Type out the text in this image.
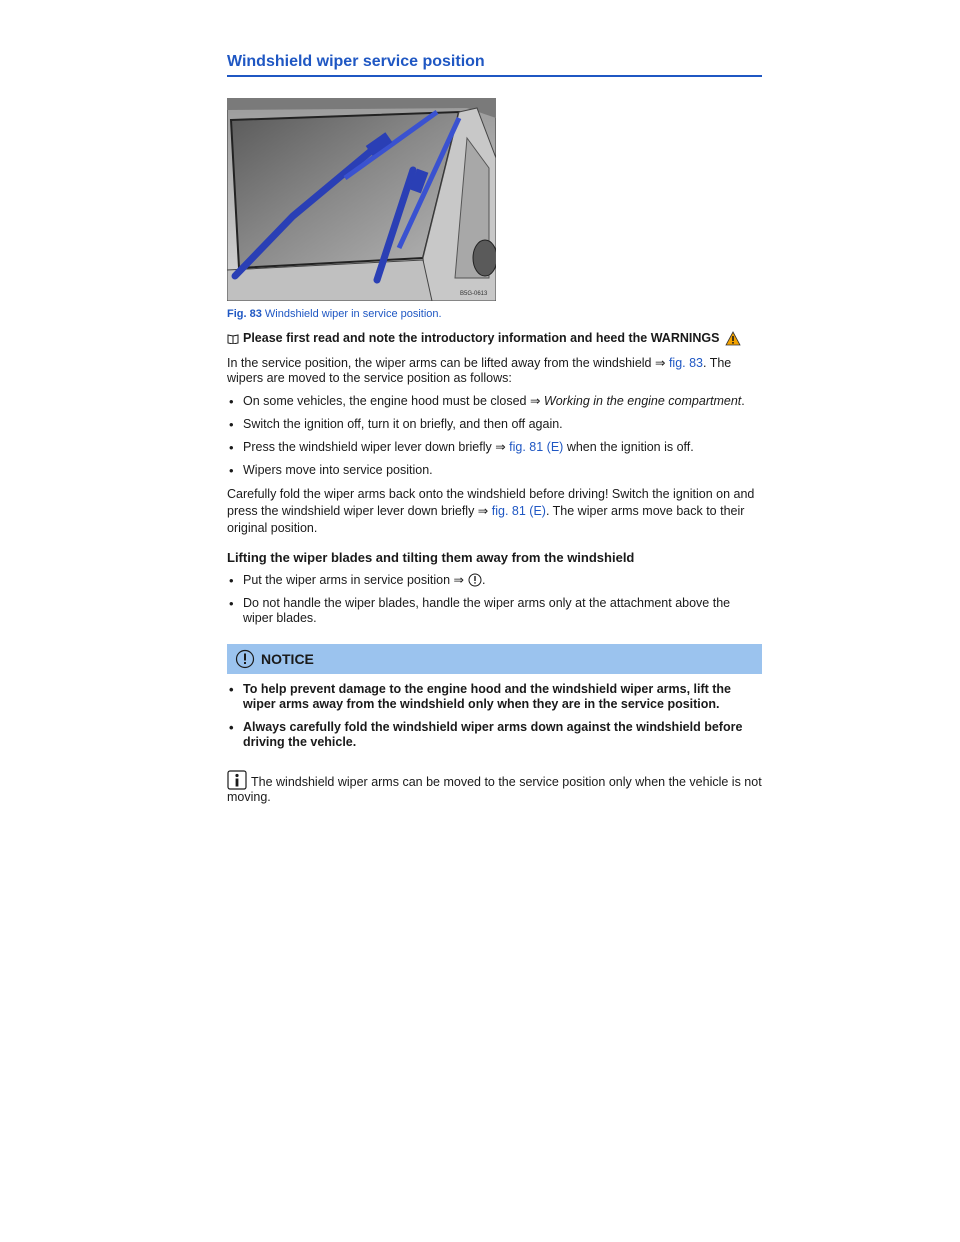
Windshield wiper service position
B5G-0613
Fig. 83 Windshield wiper in service position.
Please first read and note the introductory information and heed the WARNINGS

In the service position, the wiper arms can be lifted away from the windshield ⇒ fig. 83. The wipers are moved to the service position as follows:

• On some vehicles, the engine hood must be closed ⇒ Working in the engine compartment.
• Switch the ignition off, turn it on briefly, and then off again.
• Press the windshield wiper lever down briefly ⇒ fig. 81 (E) when the ignition is off.
• Wipers move into service position.

Carefully fold the wiper arms back onto the windshield before driving! Switch the ignition on and press the windshield wiper lever down briefly ⇒ fig. 81 (E). The wiper arms move back to their original position.

Lifting the wiper blades and tilting them away from the windshield
• Put the wiper arms in service position ⇒ .
• Do not handle the wiper blades, handle the wiper arms only at the attachment above the wiper blades.
NOTICE
• To help prevent damage to the engine hood and the windshield wiper arms, lift the wiper arms away from the windshield only when they are in the service position.
• Always carefully fold the windshield wiper arms down against the windshield before driving the vehicle.

The windshield wiper arms can be moved to the service position only when the vehicle is not moving.
